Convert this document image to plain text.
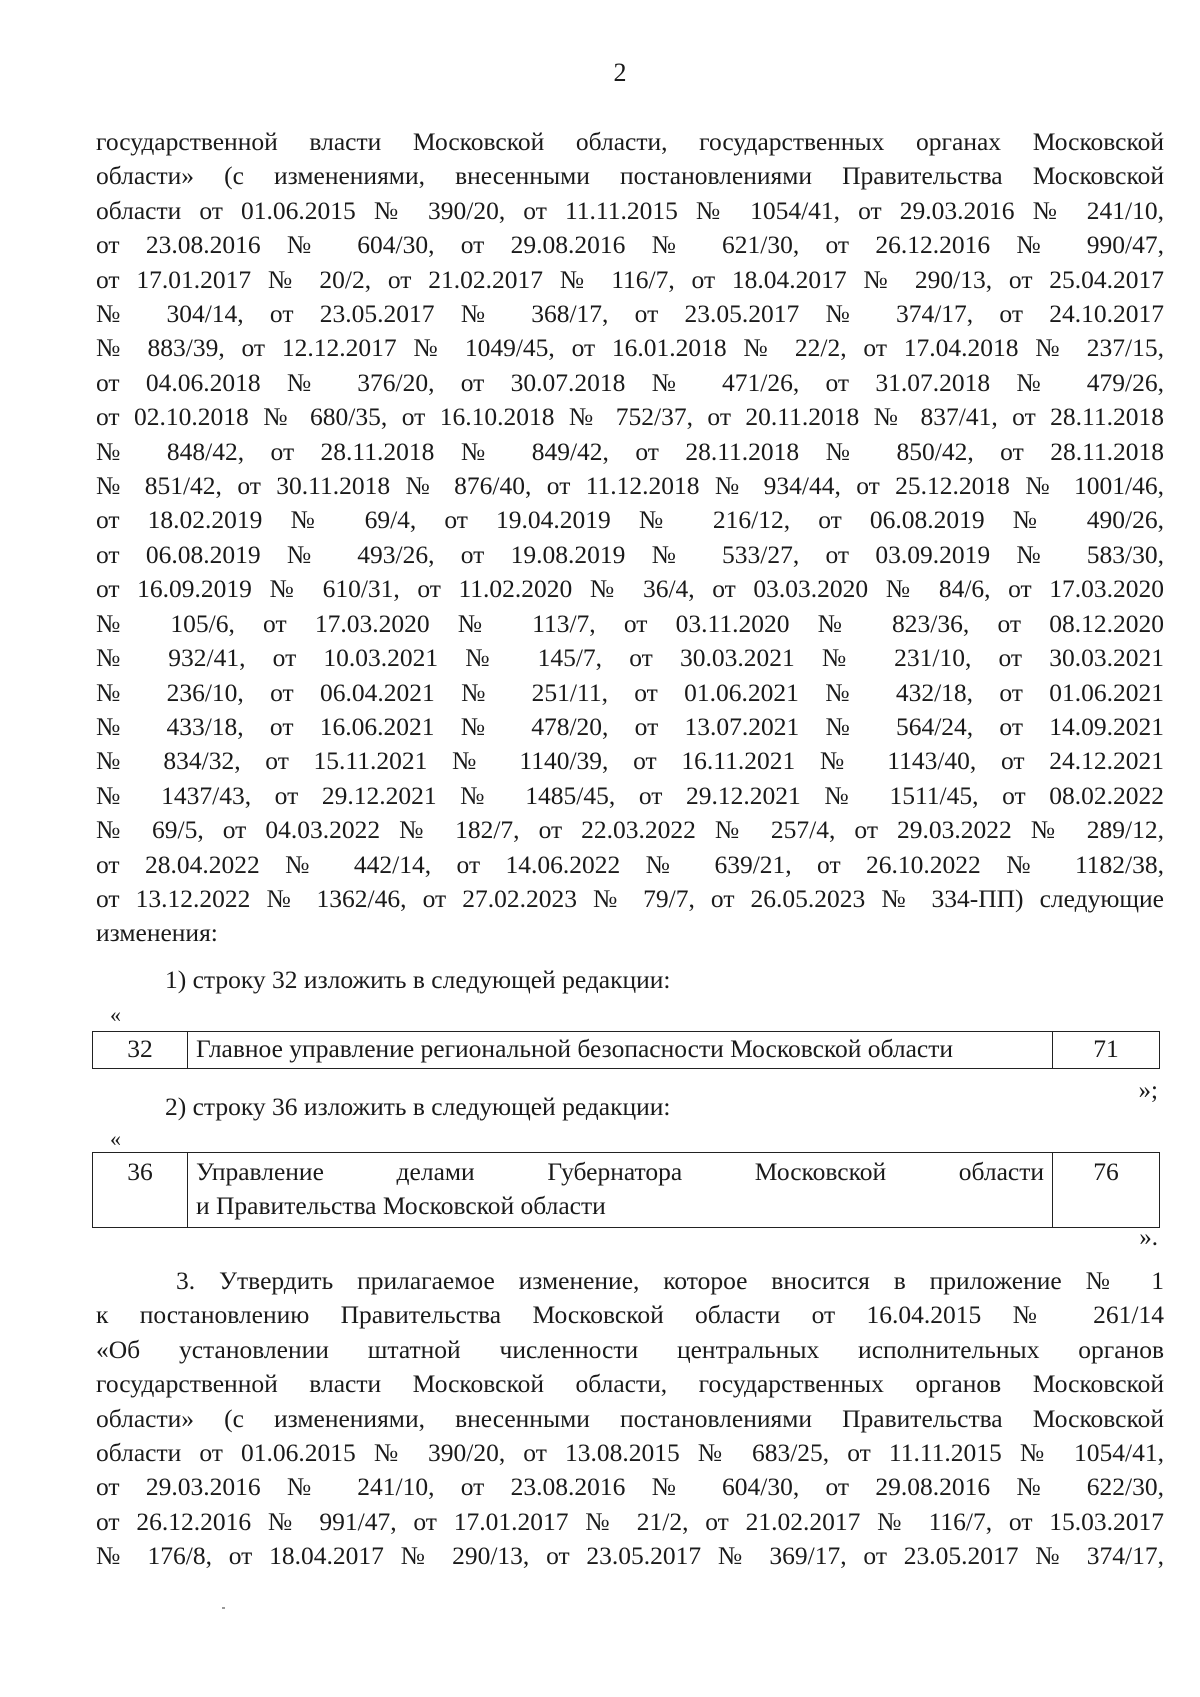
2
государственной власти Московской области, государственных органах Московской
области» (с изменениями, внесенными постановлениями Правительства Московской
области от 01.06.2015 № 390/20, от 11.11.2015 № 1054/41, от 29.03.2016 № 241/10,
от 23.08.2016 № 604/30, от 29.08.2016 № 621/30, от 26.12.2016 № 990/47,
от 17.01.2017 № 20/2, от 21.02.2017 № 116/7, от 18.04.2017 № 290/13, от 25.04.2017
№ 304/14, от 23.05.2017 № 368/17, от 23.05.2017 № 374/17, от 24.10.2017
№ 883/39, от 12.12.2017 № 1049/45, от 16.01.2018 № 22/2, от 17.04.2018 № 237/15,
от 04.06.2018 № 376/20, от 30.07.2018 № 471/26, от 31.07.2018 № 479/26,
от 02.10.2018 № 680/35, от 16.10.2018 № 752/37, от 20.11.2018 № 837/41, от 28.11.2018
№ 848/42, от 28.11.2018 № 849/42, от 28.11.2018 № 850/42, от 28.11.2018
№ 851/42, от 30.11.2018 № 876/40, от 11.12.2018 № 934/44, от 25.12.2018 № 1001/46,
от 18.02.2019 № 69/4, от 19.04.2019 № 216/12, от 06.08.2019 № 490/26,
от 06.08.2019 № 493/26, от 19.08.2019 № 533/27, от 03.09.2019 № 583/30,
от 16.09.2019 № 610/31, от 11.02.2020 № 36/4, от 03.03.2020 № 84/6, от 17.03.2020
№ 105/6, от 17.03.2020 № 113/7, от 03.11.2020 № 823/36, от 08.12.2020
№ 932/41, от 10.03.2021 № 145/7, от 30.03.2021 № 231/10, от 30.03.2021
№ 236/10, от 06.04.2021 № 251/11, от 01.06.2021 № 432/18, от 01.06.2021
№ 433/18, от 16.06.2021 № 478/20, от 13.07.2021 № 564/24, от 14.09.2021
№ 834/32, от 15.11.2021 № 1140/39, от 16.11.2021 № 1143/40, от 24.12.2021
№ 1437/43, от 29.12.2021 № 1485/45, от 29.12.2021 № 1511/45, от 08.02.2022
№ 69/5, от 04.03.2022 № 182/7, от 22.03.2022 № 257/4, от 29.03.2022 № 289/12,
от 28.04.2022 № 442/14, от 14.06.2022 № 639/21, от 26.10.2022 № 1182/38,
от 13.12.2022 № 1362/46, от 27.02.2023 № 79/7, от 26.05.2023 № 334-ПП) следующие
изменения:
1) строку 32 изложить в следующей редакции:
«
32	Главное управление региональной безопасности Московской области	71
»;
2) строку 36 изложить в следующей редакции:
«
36	Управление делами Губернатора Московской области
и Правительства Московской области
	76
».
3. Утвердить прилагаемое изменение, которое вносится в приложение № 1
к постановлению Правительства Московской области от 16.04.2015 № 261/14
«Об установлении штатной численности центральных исполнительных органов
государственной власти Московской области, государственных органов Московской
области» (с изменениями, внесенными постановлениями Правительства Московской
области от 01.06.2015 № 390/20, от 13.08.2015 № 683/25, от 11.11.2015 № 1054/41,
от 29.03.2016 № 241/10, от 23.08.2016 № 604/30, от 29.08.2016 № 622/30,
от 26.12.2016 № 991/47, от 17.01.2017 № 21/2, от 21.02.2017 № 116/7, от 15.03.2017
№ 176/8, от 18.04.2017 № 290/13, от 23.05.2017 № 369/17, от 23.05.2017 № 374/17,
